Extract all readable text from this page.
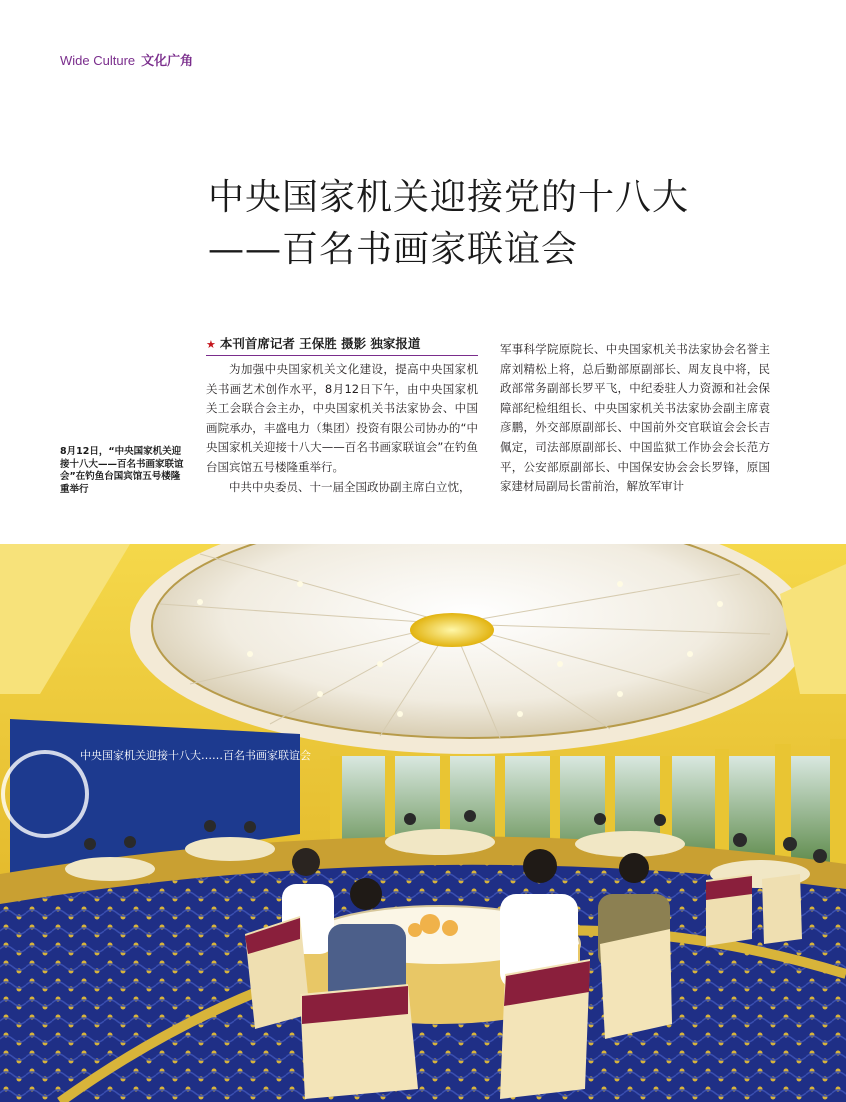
Wide Culture 文化广角
中央国家机关迎接党的十八大
——百名书画家联谊会
★ 本刊首席记者 王保胜 摄影 独家报道

为加强中央国家机关文化建设，提高中央国家机关书画艺术创作水平，8月12日下午，由中央国家机关工会联合会主办，中央国家机关书法家协会、中国画院承办，丰盛电力（集团）投资有限公司协办的“中央国家机关迎接十八大——百名书画家联谊会”在钓鱼台国宾馆五号楼隆重举行。

中共中央委员、十一届全国政协副主席白立忱，

军事科学院原院长、中央国家机关书法家协会名誉主席刘精松上将，总后勤部原副部长、周友良中将，民政部常务副部长罗平飞，中纪委驻人力资源和社会保障部纪检组组长、中央国家机关书法家协会副主席袁彦鹏，外交部原副部长、中国前外交官联谊会会长吉佩定，司法部原副部长、中国监狱工作协会会长范方平，公安部原副部长、中国保安协会会长罗锋，原国家建材局副局长雷前治，解放军审计

8月12日，“中央国家机关迎接十八大——百名书画家联谊会”在钓鱼台国宾馆五号楼隆重举行
中央国家机关迎接十八大……百名书画家联谊会
